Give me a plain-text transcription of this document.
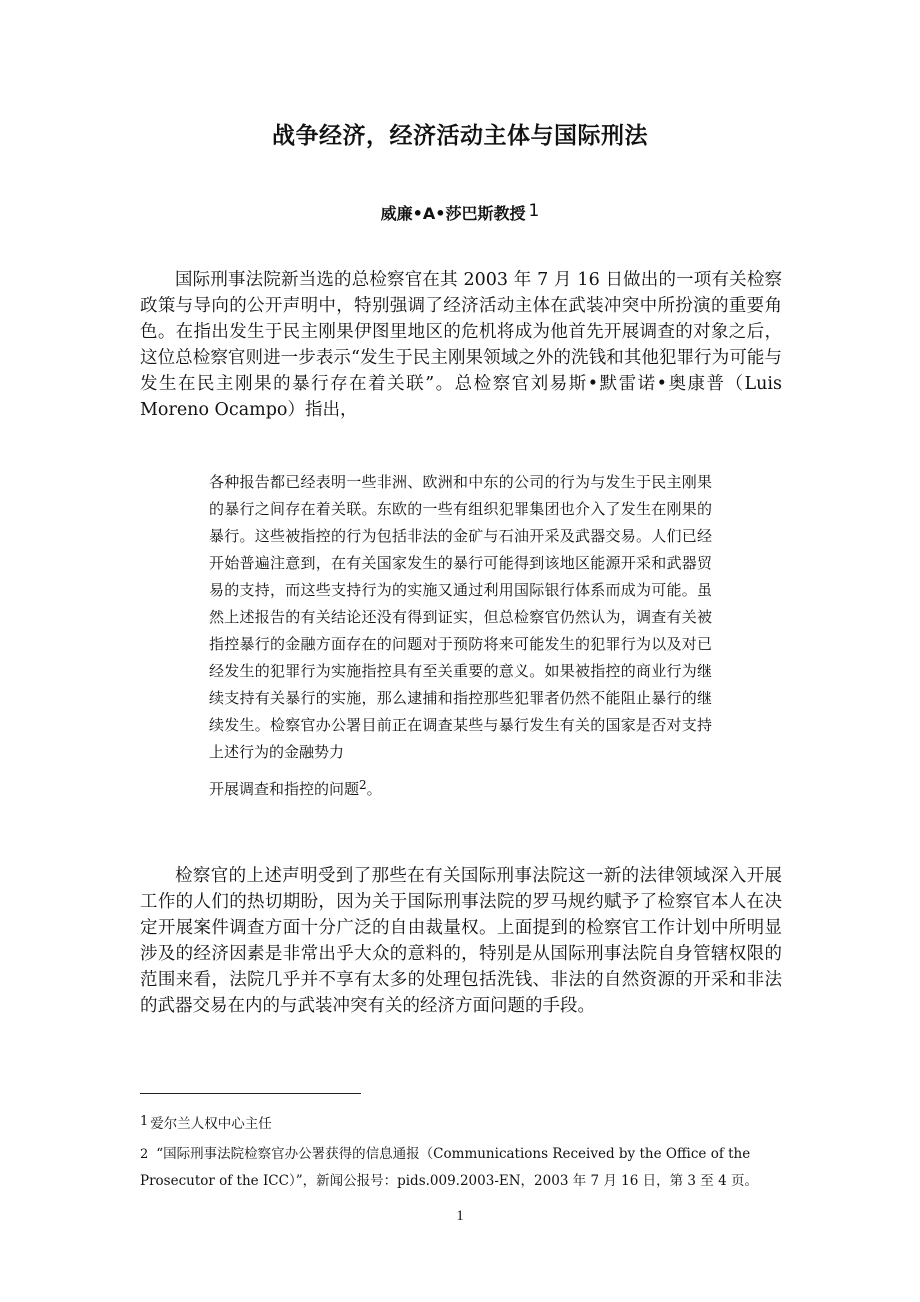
战争经济，经济活动主体与国际刑法
威廉•A•莎巴斯教授 1

国际刑事法院新当选的总检察官在其 2003 年 7 月 16 日做出的一项有关检察政策与导向的公开声明中，特别强调了经济活动主体在武装冲突中所扮演的重要角色。在指出发生于民主刚果伊图里地区的危机将成为他首先开展调查的对象之后，这位总检察官则进一步表示“发生于民主刚果领域之外的洗钱和其他犯罪行为可能与发生在民主刚果的暴行存在着关联”。总检察官刘易斯•默雷诺•奥康普（Luis Moreno Ocampo）指出，

各种报告都已经表明一些非洲、欧洲和中东的公司的行为与发生于民主刚果的暴行之间存在着关联。东欧的一些有组织犯罪集团也介入了发生在刚果的暴行。这些被指控的行为包括非法的金矿与石油开采及武器交易。人们已经开始普遍注意到，在有关国家发生的暴行可能得到该地区能源开采和武器贸易的支持，而这些支持行为的实施又通过利用国际银行体系而成为可能。虽然上述报告的有关结论还没有得到证实，但总检察官仍然认为，调查有关被指控暴行的金融方面存在的问题对于预防将来可能发生的犯罪行为以及对已经发生的犯罪行为实施指控具有至关重要的意义。如果被指控的商业行为继续支持有关暴行的实施，那么逮捕和指控那些犯罪者仍然不能阻止暴行的继续发生。检察官办公署目前正在调查某些与暴行发生有关的国家是否对支持上述行为的金融势力
开展调查和指控的问题$^2$。

检察官的上述声明受到了那些在有关国际刑事法院这一新的法律领域深入开展工作的人们的热切期盼，因为关于国际刑事法院的罗马规约赋予了检察官本人在决定开展案件调查方面十分广泛的自由裁量权。上面提到的检察官工作计划中所明显涉及的经济因素是非常出乎大众的意料的，特别是从国际刑事法院自身管辖权限的范围来看，法院几乎并不享有太多的处理包括洗钱、非法的自然资源的开采和非法的武器交易在内的与武装冲突有关的经济方面问题的手段。

1 爱尔兰人权中心主任

2 “国际刑事法院检察官办公署获得的信息通报（Communications Received by the Office of the Prosecutor of the ICC）”，新闻公报号：pids.009.2003-EN，2003 年 7 月 16 日，第 3 至 4 页。

1
